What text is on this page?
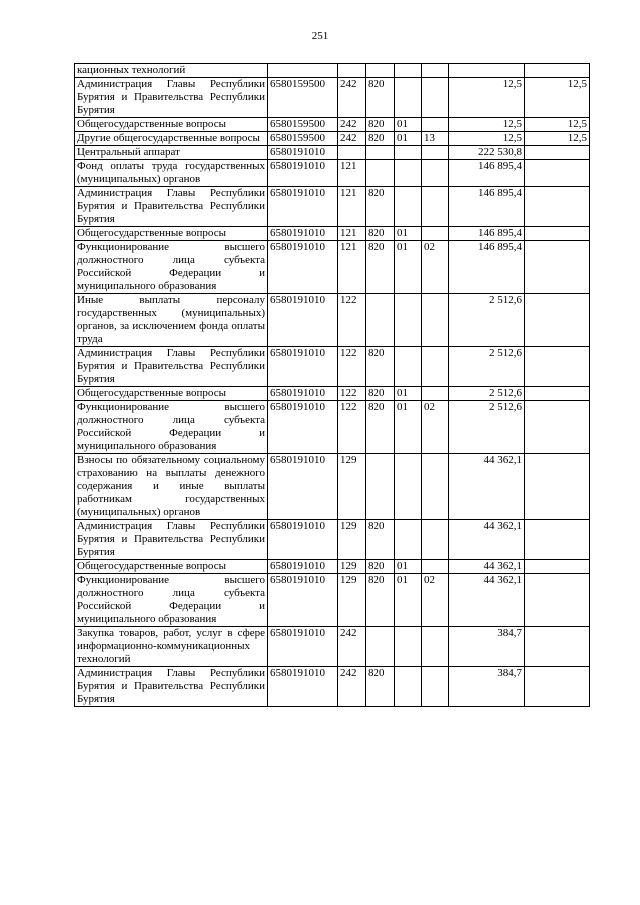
251
кационных технологий							
Администрация Главы Республики Бурятия и Правительства Республики Бурятия	6580159500	242	820			12,5	12,5
Общегосударственные вопросы	6580159500	242	820	01		12,5	12,5
Другие общегосударственные вопросы	6580159500	242	820	01	13	12,5	12,5
Центральный аппарат	6580191010					222 530,8	
Фонд оплаты труда государственных (муниципальных) органов	6580191010	121				146 895,4	
Администрация Главы Республики Бурятия и Правительства Республики Бурятия	6580191010	121	820			146 895,4	
Общегосударственные вопросы	6580191010	121	820	01		146 895,4	
Функционирование высшего должностного лица субъекта Российской Федерации и муниципального образования	6580191010	121	820	01	02	146 895,4	
Иные выплаты персоналу государственных (муниципальных) органов, за исключением фонда оплаты труда	6580191010	122				2 512,6	
Администрация Главы Республики Бурятия и Правительства Республики Бурятия	6580191010	122	820			2 512,6	
Общегосударственные вопросы	6580191010	122	820	01		2 512,6	
Функционирование высшего должностного лица субъекта Российской Федерации и муниципального образования	6580191010	122	820	01	02	2 512,6	
Взносы по обязательному социальному страхованию на выплаты денежного содержания и иные выплаты работникам государственных (муниципальных) органов	6580191010	129				44 362,1	
Администрация Главы Республики Бурятия и Правительства Республики Бурятия	6580191010	129	820			44 362,1	
Общегосударственные вопросы	6580191010	129	820	01		44 362,1	
Функционирование высшего должностного лица субъекта Российской Федерации и муниципального образования	6580191010	129	820	01	02	44 362,1	
Закупка товаров, работ, услуг в сфере информационно-коммуникационных технологий	6580191010	242				384,7	
Администрация Главы Республики Бурятия и Правительства Республики Бурятия	6580191010	242	820			384,7	
